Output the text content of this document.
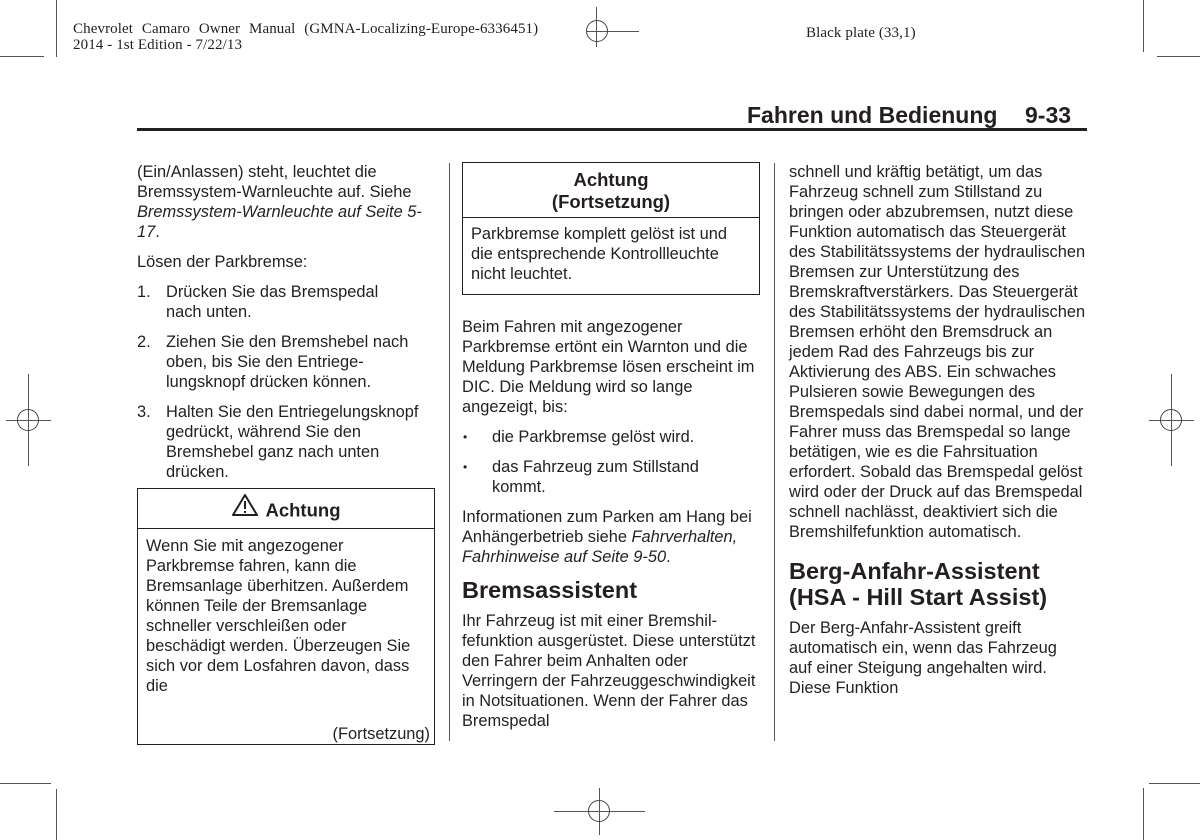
Chevrolet Camaro Owner Manual (GMNA-Localizing-Europe-6336451)
2014 - 1st Edition - 7/22/13
Black plate (33,1)
Fahren und Bedienung 9-33

(Ein/Anlassen) steht, leuchtet die Bremssystem-Warnleuchte auf. Siehe Bremssystem-Warnleuchte auf Seite 5-17.

Lösen der Parkbremse:

1. Drücken Sie das Bremspedal nach unten.
2. Ziehen Sie den Bremshebel nach oben, bis Sie den Entriegelungsknopf drücken können.
3. Halten Sie den Entriegelungsknopf gedrückt, während Sie den Bremshebel ganz nach unten drücken.
Achtung
Wenn Sie mit angezogener Parkbremse fahren, kann die Bremsanlage überhitzen. Außerdem können Teile der Bremsanlage schneller verschleißen oder beschädigt werden. Überzeugen Sie sich vor dem Losfahren davon, dass die
(Fortsetzung)
Achtung
(Fortsetzung)
Parkbremse komplett gelöst ist und die entsprechende Kontrollleuchte nicht leuchtet.

Beim Fahren mit angezogener Parkbremse ertönt ein Warnton und die Meldung Parkbremse lösen erscheint im DIC. Die Meldung wird so lange angezeigt, bis:

•	die Parkbremse gelöst wird.
•	das Fahrzeug zum Stillstand kommt.

Informationen zum Parken am Hang bei Anhängerbetrieb siehe Fahrverhalten, Fahrhinweise auf Seite 9-50.

Bremsassistent

Ihr Fahrzeug ist mit einer Bremshilfefunktion ausgerüstet. Diese unterstützt den Fahrer beim Anhalten oder Verringern der Fahrzeuggeschwindigkeit in Notsituationen. Wenn der Fahrer das Bremspedal

schnell und kräftig betätigt, um das Fahrzeug schnell zum Stillstand zu bringen oder abzubremsen, nutzt diese Funktion automatisch das Steuergerät des Stabilitätssystems der hydraulischen Bremsen zur Unterstützung des Bremskraftverstärkers. Das Steuergerät des Stabilitätssystems der hydraulischen Bremsen erhöht den Bremsdruck an jedem Rad des Fahrzeugs bis zur Aktivierung des ABS. Ein schwaches Pulsieren sowie Bewegungen des Bremspedals sind dabei normal, und der Fahrer muss das Bremspedal so lange betätigen, wie es die Fahrsituation erfordert. Sobald das Bremspedal gelöst wird oder der Druck auf das Bremspedal schnell nachlässt, deaktiviert sich die Bremshilfefunktion automatisch.

Berg-Anfahr-Assistent
(HSA - Hill Start Assist)

Der Berg-Anfahr-Assistent greift automatisch ein, wenn das Fahrzeug auf einer Steigung angehalten wird. Diese Funktion
